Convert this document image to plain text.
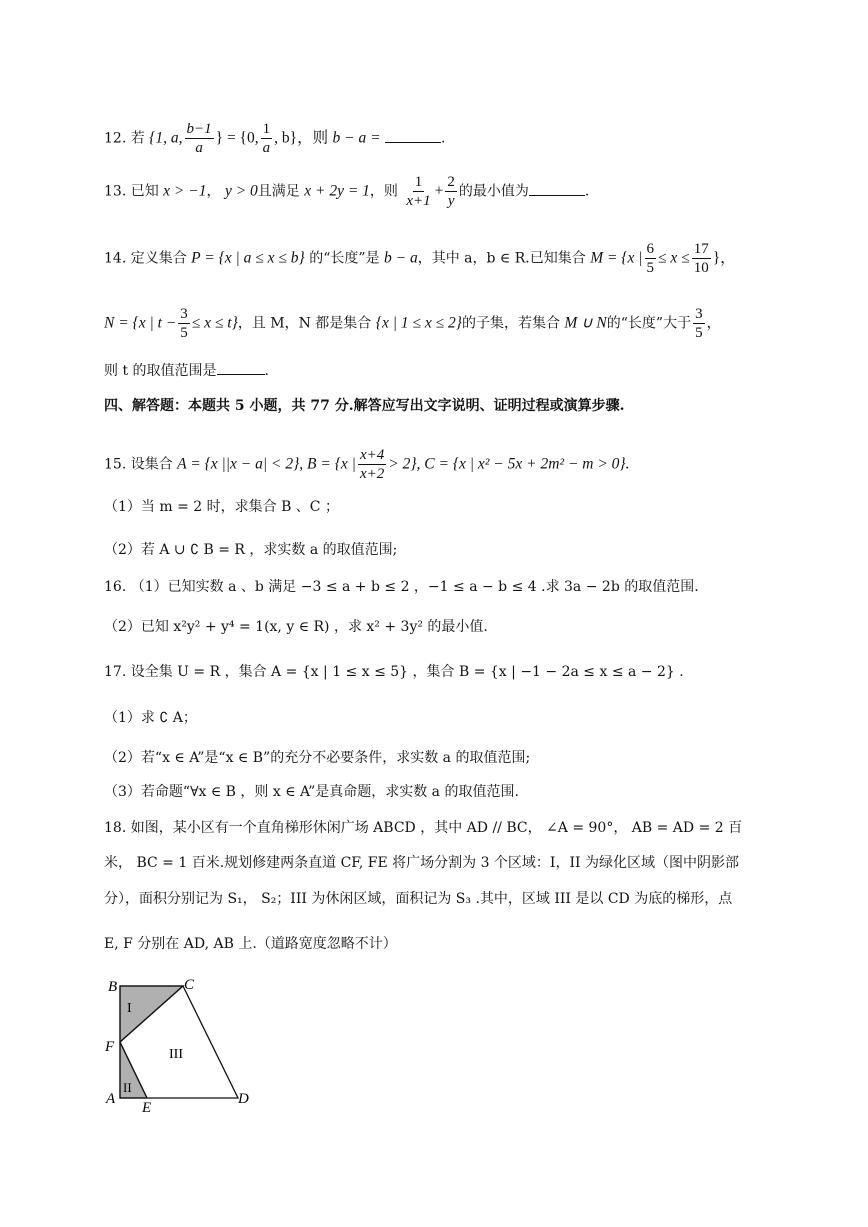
12. 若 {1, a, $\frac{b-1}{a}$ } = {0, $\frac{1}{a}$ , b}，则 b − a =	.
13. 已知 x > −1， y > 0且满足 x + 2y = 1，则 $\frac{1}{x+1} + \frac{2}{y}$ 的最小值为	.
14. 定义集合 P = {x | a ≤ x ≤ b} 的“长度”是 b − a，其中 a，b ∈ R.已知集合 M = {x | $\frac{6}{5} \le x \le \frac{17}{10}$ }，
N = {x | $t - \frac{3}{5} \le x \le t$}，且 M，N 都是集合 {x | 1 ≤ x ≤ 2}的子集，若集合 M ∪ N的“长度”大于 $\frac{3}{5}$ ，
则 t 的取值范围是	.
四、解答题：本题共 5 小题，共 77 分.解答应写出文字说明、证明过程或演算步骤.
15. 设集合 A = {x ||x − a| < 2}, B = {x | $\frac{x+4}{x+2} > 2$}, C = {x | x² − 5x + 2m² − m > 0}.
（1）当 m = 2 时，求集合 B 、C ；
（2）若 A ∪ ∁ B = R ，求实数 a 的取值范围;
16. （1）已知实数 a 、b 满足 −3 ≤ a + b ≤ 2 ，−1 ≤ a − b ≤ 4 .求 3a − 2b 的取值范围.
（2）已知 x²y² + y⁴ = 1(x, y ∈ R) ，求 x² + 3y² 的最小值.
17. 设全集 U = R ，集合 A = {x | 1 ≤ x ≤ 5} ，集合 B = {x | −1 − 2a ≤ x ≤ a − 2} .
（1）求 ∁ A；
（2）若“x ∈ A”是“x ∈ B”的充分不必要条件，求实数 a 的取值范围;
（3）若命题“∀x ∈ B ，则 x ∈ A”是真命题，求实数 a 的取值范围.
18. 如图，某小区有一个直角梯形休闲广场 ABCD ，其中 AD // BC， ∠A = 90°， AB = AD = 2 百
米， BC = 1 百米.规划修建两条直道 CF, FE 将广场分割为 3 个区域：I，II 为绿化区域（图中阴影部
分），面积分别记为 S₁， S₂；III 为休闲区域，面积记为 S₃ .其中，区域 III 是以 CD 为底的梯形，点
E, F 分别在 AD, AB 上.（道路宽度忽略不计）
B	C
F
A
E
D
I
II
III
